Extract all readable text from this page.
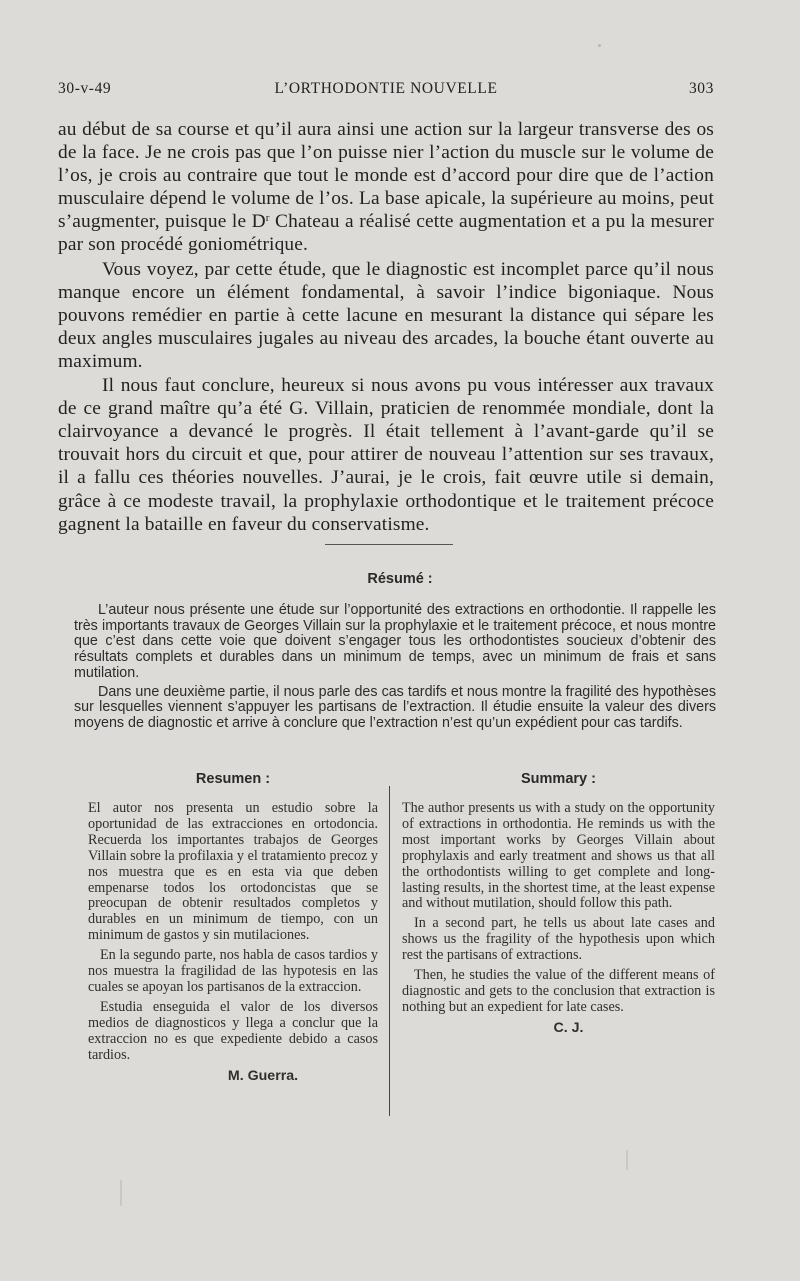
30-v-49	L’ORTHODONTIE NOUVELLE	303

au début de sa course et qu’il aura ainsi une action sur la largeur transverse des os de la face. Je ne crois pas que l’on puisse nier l’action du muscle sur le volume de l’os, je crois au contraire que tout le monde est d’accord pour dire que de l’action musculaire dépend le volume de l’os. La base apicale, la supérieure au moins, peut s’augmenter, puisque le $D^r$ Chateau a réalisé cette augmentation et a pu la mesurer par son procédé goniométrique.

Vous voyez, par cette étude, que le diagnostic est incomplet parce qu’il nous manque encore un élément fondamental, à savoir l’indice bigoniaque. Nous pouvons remédier en partie à cette lacune en mesurant la distance qui sépare les deux angles musculaires jugales au niveau des arcades, la bouche étant ouverte au maximum.

Il nous faut conclure, heureux si nous avons pu vous intéresser aux travaux de ce grand maître qu’a été G. Villain, praticien de renommée mondiale, dont la clairvoyance a devancé le progrès. Il était tellement à l’avant-garde qu’il se trouvait hors du circuit et que, pour attirer de nouveau l’attention sur ses travaux, il a fallu ces théories nouvelles. J’aurai, je le crois, fait œuvre utile si demain, grâce à ce modeste travail, la prophylaxie orthodontique et le traitement précoce gagnent la bataille en faveur du conservatisme.

Résumé :

L’auteur nous présente une étude sur l’opportunité des extractions en orthodontie. Il rappelle les très importants travaux de Georges Villain sur la prophylaxie et le traitement précoce, et nous montre que c’est dans cette voie que doivent s’engager tous les orthodontistes soucieux d’obtenir des résultats complets et durables dans un minimum de temps, avec un minimum de frais et sans mutilation.

Dans une deuxième partie, il nous parle des cas tardifs et nous montre la fragilité des hypothèses sur lesquelles viennent s’appuyer les partisans de l’extraction. Il étudie ensuite la valeur des divers moyens de diagnostic et arrive à conclure que l’extraction n’est qu’un expédient pour cas tardifs.

Resumen :	Summary :

El autor nos presenta un estudio sobre la oportunidad de las extracciones en ortodoncia. Recuerda los importantes trabajos de Georges Villain sobre la profilaxia y el tratamiento precoz y nos muestra que es en esta via que deben empenarse todos los ortodoncistas que se preocupan de obtenir resultados completos y durables en un minimum de tiempo, con un minimum de gastos y sin mutilaciones.

En la segundo parte, nos habla de casos tardios y nos muestra la fragilidad de las hypotesis en las cuales se apoyan los partisanos de la extraccion.

Estudia enseguida el valor de los diversos medios de diagnosticos y llega a conclur que la extraccion no es que expediente debido a casos tardios.

M. Guerra.

The author presents us with a study on the opportunity of extractions in orthodontia. He reminds us with the most important works by Georges Villain about prophylaxis and early treatment and shows us that all the orthodontists willing to get complete and long-lasting results, in the shortest time, at the least expense and without mutilation, should follow this path.

In a second part, he tells us about late cases and shows us the fragility of the hypothesis upon which rest the partisans of extractions.

Then, he studies the value of the different means of diagnostic and gets to the conclusion that extraction is nothing but an expedient for late cases.

C. J.
